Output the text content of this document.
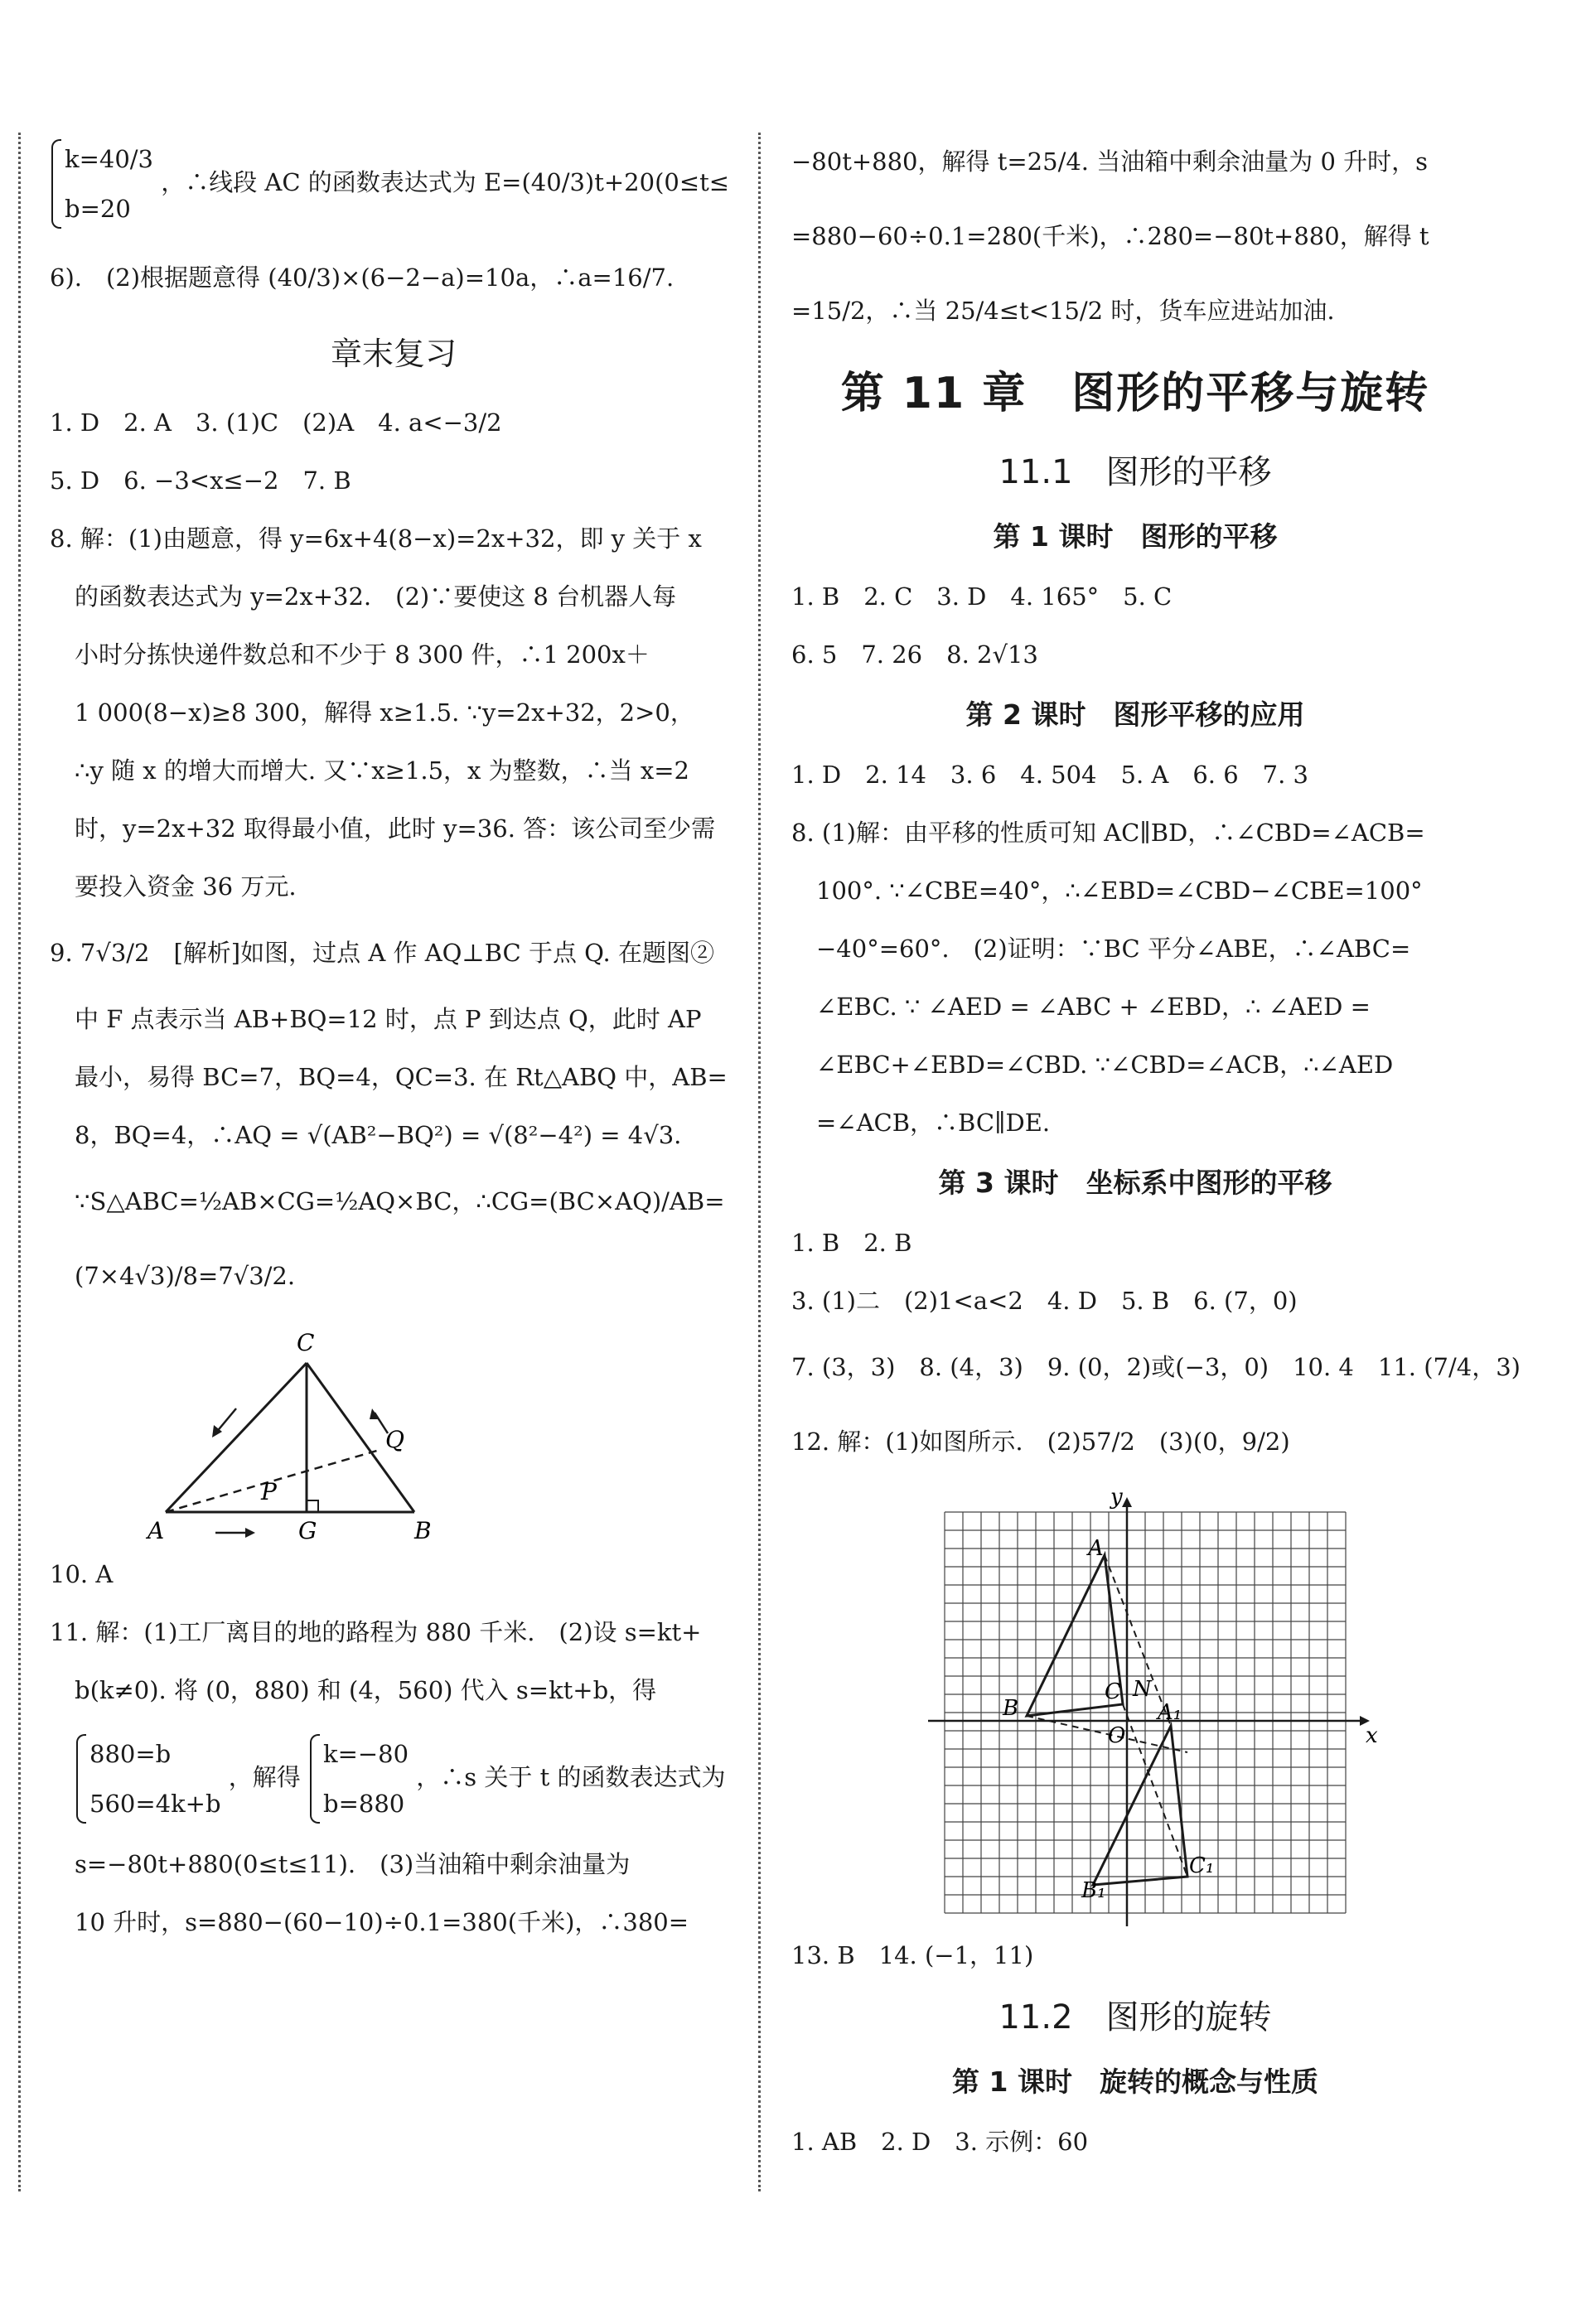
k=40/3
b=20
，∴线段 AC 的函数表达式为 E=(40/3)t+20(0≤t≤
6).　(2)根据题意得 (40/3)×(6−2−a)=10a，∴a=16/7.
章末复习
1. D　2. A　3. (1)C　(2)A　4. a<−3/2
5. D　6. −3<x≤−2　7. B
8. 解：(1)由题意，得 y=6x+4(8−x)=2x+32，即 y 关于 x
的函数表达式为 y=2x+32.　(2)∵要使这 8 台机器人每
小时分拣快递件数总和不少于 8 300 件，∴1 200x＋
1 000(8−x)≥8 300，解得 x≥1.5. ∵y=2x+32，2>0，
∴y 随 x 的增大而增大. 又∵x≥1.5，x 为整数，∴当 x=2
时，y=2x+32 取得最小值，此时 y=36. 答：该公司至少需
要投入资金 36 万元.
9. 7√3/2　[解析]如图，过点 A 作 AQ⊥BC 于点 Q. 在题图②
中 F 点表示当 AB+BQ=12 时，点 P 到达点 Q，此时 AP
最小，易得 BC=7，BQ=4，QC=3. 在 Rt△ABQ 中，AB=
8，BQ=4，∴AQ = √(AB²−BQ²) = √(8²−4²) = 4√3.
∵S△ABC=½AB×CG=½AQ×BC，∴CG=(BC×AQ)/AB=
(7×4√3)/8=7√3/2.
C
Q
P
A	G	B
10. A
11. 解：(1)工厂离目的地的路程为 880 千米.　(2)设 s=kt+
b(k≠0). 将 (0，880) 和 (4，560) 代入 s=kt+b，得
880=b
560=4k+b
，解得
k=−80
b=880
，∴s 关于 t 的函数表达式为
s=−80t+880(0≤t≤11).　(3)当油箱中剩余油量为
10 升时，s=880−(60−10)÷0.1=380(千米)，∴380=
−80t+880，解得 t=25/4. 当油箱中剩余油量为 0 升时，s
=880−60÷0.1=280(千米)，∴280=−80t+880，解得 t
=15/2，∴当 25/4≤t<15/2 时，货车应进站加油.
第 11 章　图形的平移与旋转
11.1　图形的平移
第 1 课时　图形的平移
1. B　2. C　3. D　4. 165°　5. C
6. 5　7. 26　8. 2√13
第 2 课时　图形平移的应用
1. D　2. 14　3. 6　4. 504　5. A　6. 6　7. 3
8. (1)解：由平移的性质可知 AC∥BD，∴∠CBD=∠ACB=
100°. ∵∠CBE=40°，∴∠EBD=∠CBD−∠CBE=100°
−40°=60°.　(2)证明：∵BC 平分∠ABE，∴∠ABC=
∠EBC. ∵ ∠AED = ∠ABC + ∠EBD，∴ ∠AED =
∠EBC+∠EBD=∠CBD. ∵∠CBD=∠ACB，∴∠AED
=∠ACB，∴BC∥DE.
第 3 课时　坐标系中图形的平移
1. B　2. B
3. (1)二　(2)1<a<2　4. D　5. B　6. (7，0)
7. (3，3)　8. (4，3)　9. (0，2)或(−3，0)　10. 4　11. (7/4，3)
12. 解：(1)如图所示.　(2)57/2　(3)(0，9/2)
y
x
O
A
B
C N
A₁
B₁
C₁
13. B　14. (−1，11)
11.2　图形的旋转
第 1 课时　旋转的概念与性质
1. AB　2. D　3. 示例：60
